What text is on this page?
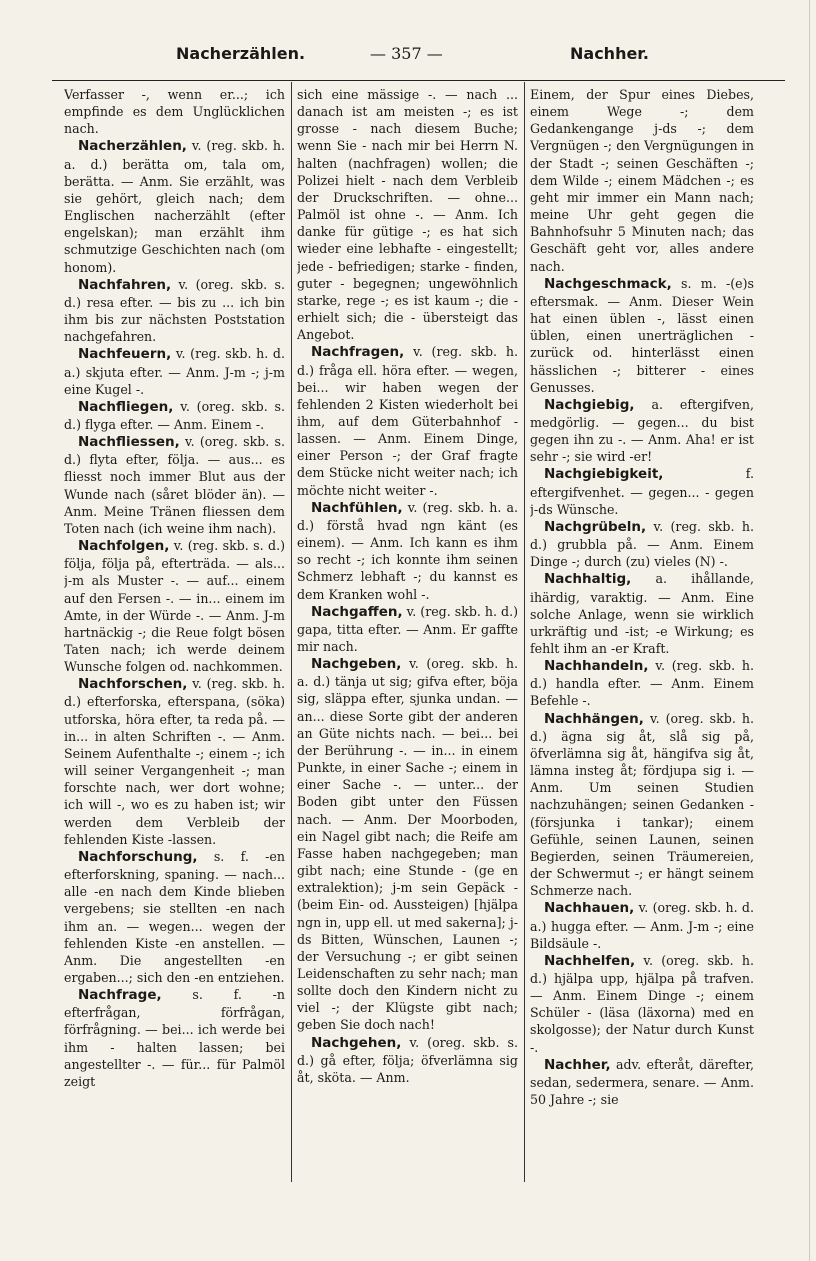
Nacherzählen.	— 357 —	Nachher.

Verfasser -, wenn er...; ich empfinde es dem Unglücklichen nach.

Nacherzählen, v. (reg. skb. h. a. d.) berätta om, tala om, berätta. — Anm. Sie erzählt, was sie gehört, gleich nach; dem Englischen nacherzählt (efter engelskan); man erzählt ihm schmutzige Geschichten nach (om honom).

Nachfahren, v. (oreg. skb. s. d.) resa efter. — bis zu ... ich bin ihm bis zur nächsten Poststation nachgefahren.

Nachfeuern, v. (reg. skb. h. d. a.) skjuta efter. — Anm. J-m -; j-m eine Kugel -.

Nachfliegen, v. (oreg. skb. s. d.) flyga efter. — Anm. Einem -.

Nachfliessen, v. (oreg. skb. s. d.) flyta efter, följa. — aus... es fliesst noch immer Blut aus der Wunde nach (såret blöder än). — Anm. Meine Tränen fliessen dem Toten nach (ich weine ihm nach).

Nachfolgen, v. (reg. skb. s. d.) följa, följa på, efterträda. — als... j-m als Muster -. — auf... einem auf den Fersen -. — in... einem im Amte, in der Würde -. — Anm. J-m hartnäckig -; die Reue folgt bösen Taten nach; ich werde deinem Wunsche folgen od. nachkommen.

Nachforschen, v. (reg. skb. h. d.) efterforska, efterspana, (söka) utforska, höra efter, ta reda på. — in... in alten Schriften -. — Anm. Seinem Aufenthalte -; einem -; ich will seiner Vergangenheit -; man forschte nach, wer dort wohne; ich will -, wo es zu haben ist; wir werden dem Verbleib der fehlenden Kiste -lassen.

Nachforschung, s. f. -en efterforskning, spaning. — nach... alle -en nach dem Kinde blieben vergebens; sie stellten -en nach ihm an. — wegen... wegen der fehlenden Kiste -en anstellen. — Anm. Die angestellten -en ergaben...; sich den -en entziehen.

Nachfrage, s. f. -n efterfrågan, förfrågan, förfrågning. — bei... ich werde bei ihm - halten lassen; bei angestellter -. — für... für Palmöl zeigt

sich eine mässige -. — nach ... danach ist am meisten -; es ist grosse - nach diesem Buche; wenn Sie - nach mir bei Herrn N. halten (nachfragen) wollen; die Polizei hielt - nach dem Verbleib der Druckschriften. — ohne... Palmöl ist ohne -. — Anm. Ich danke für gütige -; es hat sich wieder eine lebhafte - eingestellt; jede - befriedigen; starke - finden, guter - begegnen; ungewöhnlich starke, rege -; es ist kaum -; die - erhielt sich; die - übersteigt das Angebot.

Nachfragen, v. (reg. skb. h. d.) fråga ell. höra efter. — wegen, bei... wir haben wegen der fehlenden 2 Kisten wiederholt bei ihm, auf dem Güterbahnhof - lassen. — Anm. Einem Dinge, einer Person -; der Graf fragte dem Stücke nicht weiter nach; ich möchte nicht weiter -.

Nachfühlen, v. (reg. skb. h. a. d.) förstå hvad ngn känt (es einem). — Anm. Ich kann es ihm so recht -; ich konnte ihm seinen Schmerz lebhaft -; du kannst es dem Kranken wohl -.

Nachgaffen, v. (reg. skb. h. d.) gapa, titta efter. — Anm. Er gaffte mir nach.

Nachgeben, v. (oreg. skb. h. a. d.) tänja ut sig; gifva efter, böja sig, släppa efter, sjunka undan. — an... diese Sorte gibt der anderen an Güte nichts nach. — bei... bei der Berührung -. — in... in einem Punkte, in einer Sache -; einem in einer Sache -. — unter... der Boden gibt unter den Füssen nach. — Anm. Der Moorboden, ein Nagel gibt nach; die Reife am Fasse haben nachgegeben; man gibt nach; eine Stunde - (ge en extralektion); j-m sein Gepäck - (beim Ein- od. Aussteigen) [hjälpa ngn in, upp ell. ut med sakerna]; j-ds Bitten, Wünschen, Launen -; der Versuchung -; er gibt seinen Leidenschaften zu sehr nach; man sollte doch den Kindern nicht zu viel -; der Klügste gibt nach; geben Sie doch nach!

Nachgehen, v. (oreg. skb. s. d.) gå efter, följa; öfverlämna sig åt, sköta. — Anm.

Einem, der Spur eines Diebes, einem Wege -; dem Gedankengange j-ds -; dem Vergnügen -; den Vergnügungen in der Stadt -; seinen Geschäften -; dem Wilde -; einem Mädchen -; es geht mir immer ein Mann nach; meine Uhr geht gegen die Bahnhofsuhr 5 Minuten nach; das Geschäft geht vor, alles andere nach.

Nachgeschmack, s. m. -(e)s eftersmak. — Anm. Dieser Wein hat einen üblen -, lässt einen üblen, einen unerträglichen - zurück od. hinterlässt einen hässlichen -; bitterer - eines Genusses.

Nachgiebig, a. eftergifven, medgörlig. — gegen... du bist gegen ihn zu -. — Anm. Aha! er ist sehr -; sie wird -er!

Nachgiebigkeit, f. eftergifvenhet. — gegen... - gegen j-ds Wünsche.

Nachgrübeln, v. (reg. skb. h. d.) grubbla på. — Anm. Einem Dinge -; durch (zu) vieles (N) -.

Nachhaltig, a. ihållande, ihärdig, varaktig. — Anm. Eine solche Anlage, wenn sie wirklich urkräftig und -ist; -e Wirkung; es fehlt ihm an -er Kraft.

Nachhandeln, v. (reg. skb. h. d.) handla efter. — Anm. Einem Befehle -.

Nachhängen, v. (oreg. skb. h. d.) ägna sig åt, slå sig på, öfverlämna sig åt, hängifva sig åt, lämna insteg åt; fördjupa sig i. — Anm. Um seinen Studien nachzuhängen; seinen Gedanken - (försjunka i tankar); einem Gefühle, seinen Launen, seinen Begierden, seinen Träumereien, der Schwermut -; er hängt seinem Schmerze nach.

Nachhauen, v. (oreg. skb. h. d. a.) hugga efter. — Anm. J-m -; eine Bildsäule -.

Nachhelfen, v. (oreg. skb. h. d.) hjälpa upp, hjälpa på trafven. — Anm. Einem Dinge -; einem Schüler - (läsa (läxorna) med en skolgosse); der Natur durch Kunst -.

Nachher, adv. efteråt, därefter, sedan, sedermera, senare. — Anm. 50 Jahre -; sie
